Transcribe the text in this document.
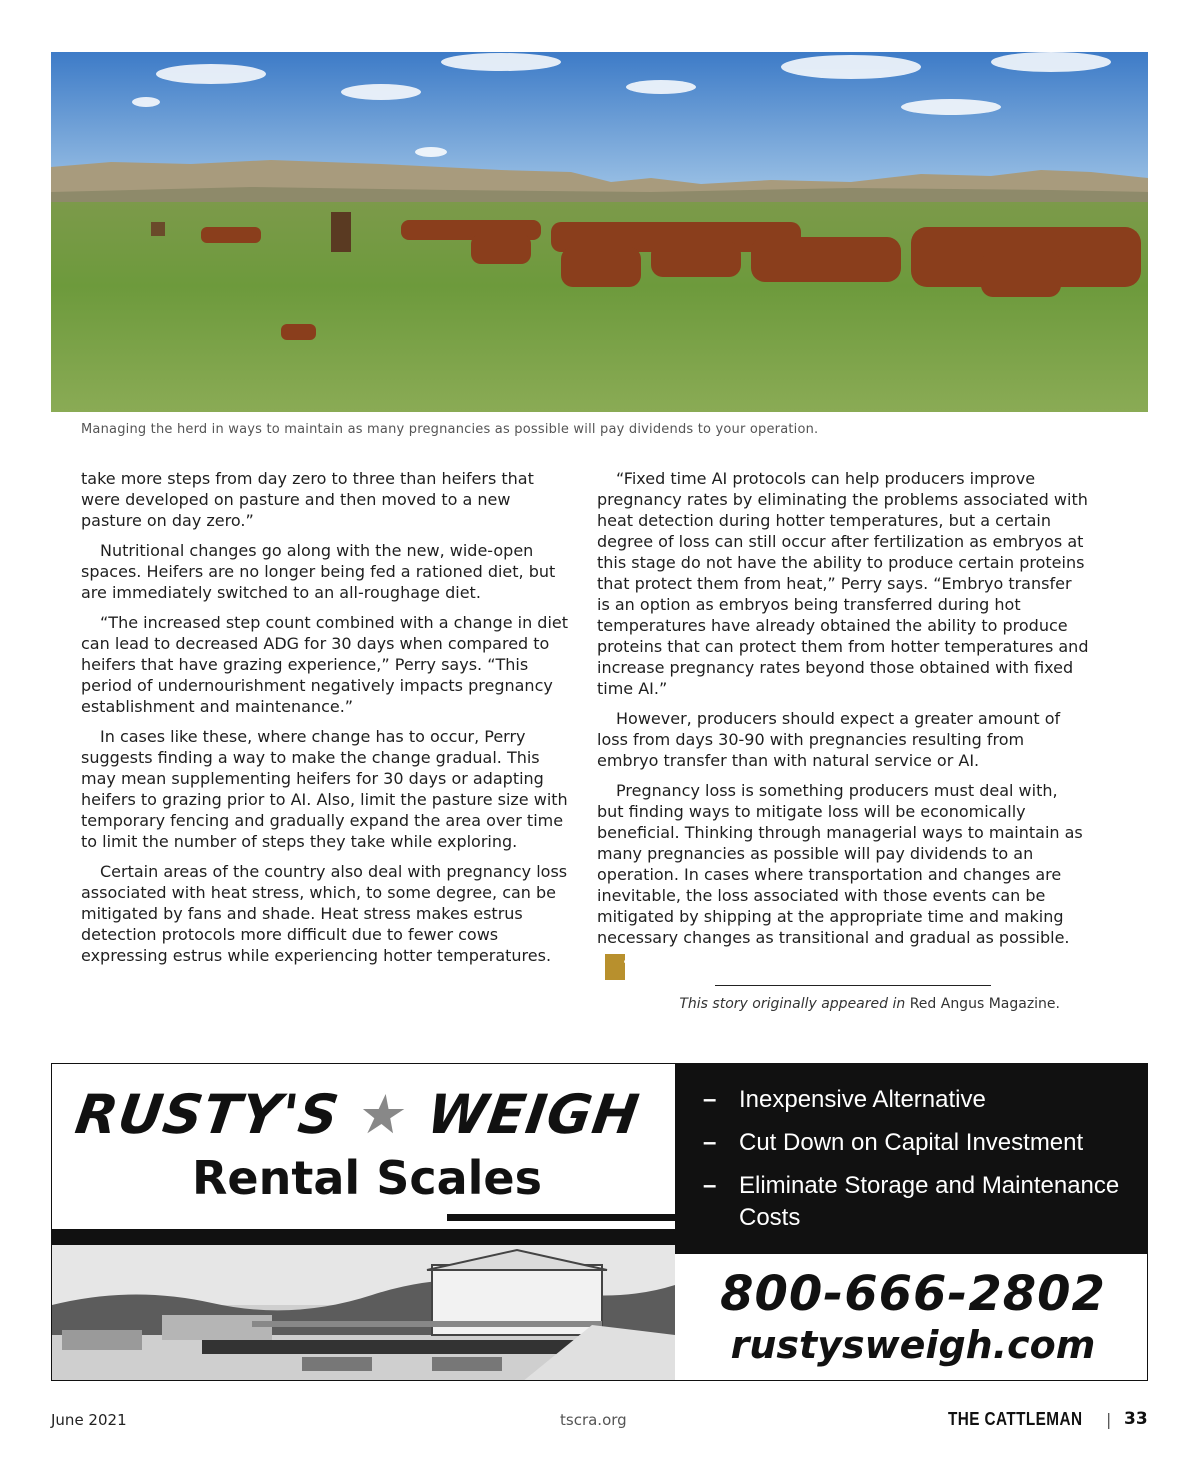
Managing the herd in ways to maintain as many pregnancies as possible will pay dividends to your operation.

take more steps from day zero to three than heifers that were developed on pasture and then moved to a new pasture on day zero.”

Nutritional changes go along with the new, wide-open spaces. Heifers are no longer being fed a rationed diet, but are immediately switched to an all-roughage diet.

“The increased step count combined with a change in diet can lead to decreased ADG for 30 days when compared to heifers that have grazing experience,” Perry says. “This period of undernourishment negatively impacts pregnancy establishment and maintenance.”

In cases like these, where change has to occur, Perry suggests finding a way to make the change gradual. This may mean supplementing heifers for 30 days or adapting heifers to grazing prior to AI. Also, limit the pasture size with temporary fencing and gradually expand the area over time to limit the number of steps they take while exploring.

Certain areas of the country also deal with pregnancy loss associated with heat stress, which, to some degree, can be mitigated by fans and shade. Heat stress makes estrus detection protocols more difficult due to fewer cows expressing estrus while experiencing hotter temperatures.

“Fixed time AI protocols can help producers improve pregnancy rates by eliminating the problems associated with heat detection during hotter temperatures, but a certain degree of loss can still occur after fertilization as embryos at this stage do not have the ability to produce certain proteins that protect them from heat,” Perry says. “Embryo transfer is an option as embryos being transferred during hot temperatures have already obtained the ability to produce proteins that can protect them from hotter temperatures and increase pregnancy rates beyond those obtained with fixed time AI.”

However, producers should expect a greater amount of loss from days 30-90 with pregnancies resulting from embryo transfer than with natural service or AI.

Pregnancy loss is something producers must deal with, but finding ways to mitigate loss will be economically beneficial. Thinking through managerial ways to maintain as many pregnancies as possible will pay dividends to an operation. In cases where transportation and changes are inevitable, the loss associated with those events can be mitigated by shipping at the appropriate time and making necessary changes as transitional and gradual as possible.TC

This story originally appeared in Red Angus Magazine.
RUSTY'S ★ WEIGH
Rental Scales
– Inexpensive Alternative
– Cut Down on Capital Investment
– Eliminate Storage and Maintenance Costs
800-666-2802
rustysweigh.com
June 2021	tscra.org	THE CATTLEMAN | 33
